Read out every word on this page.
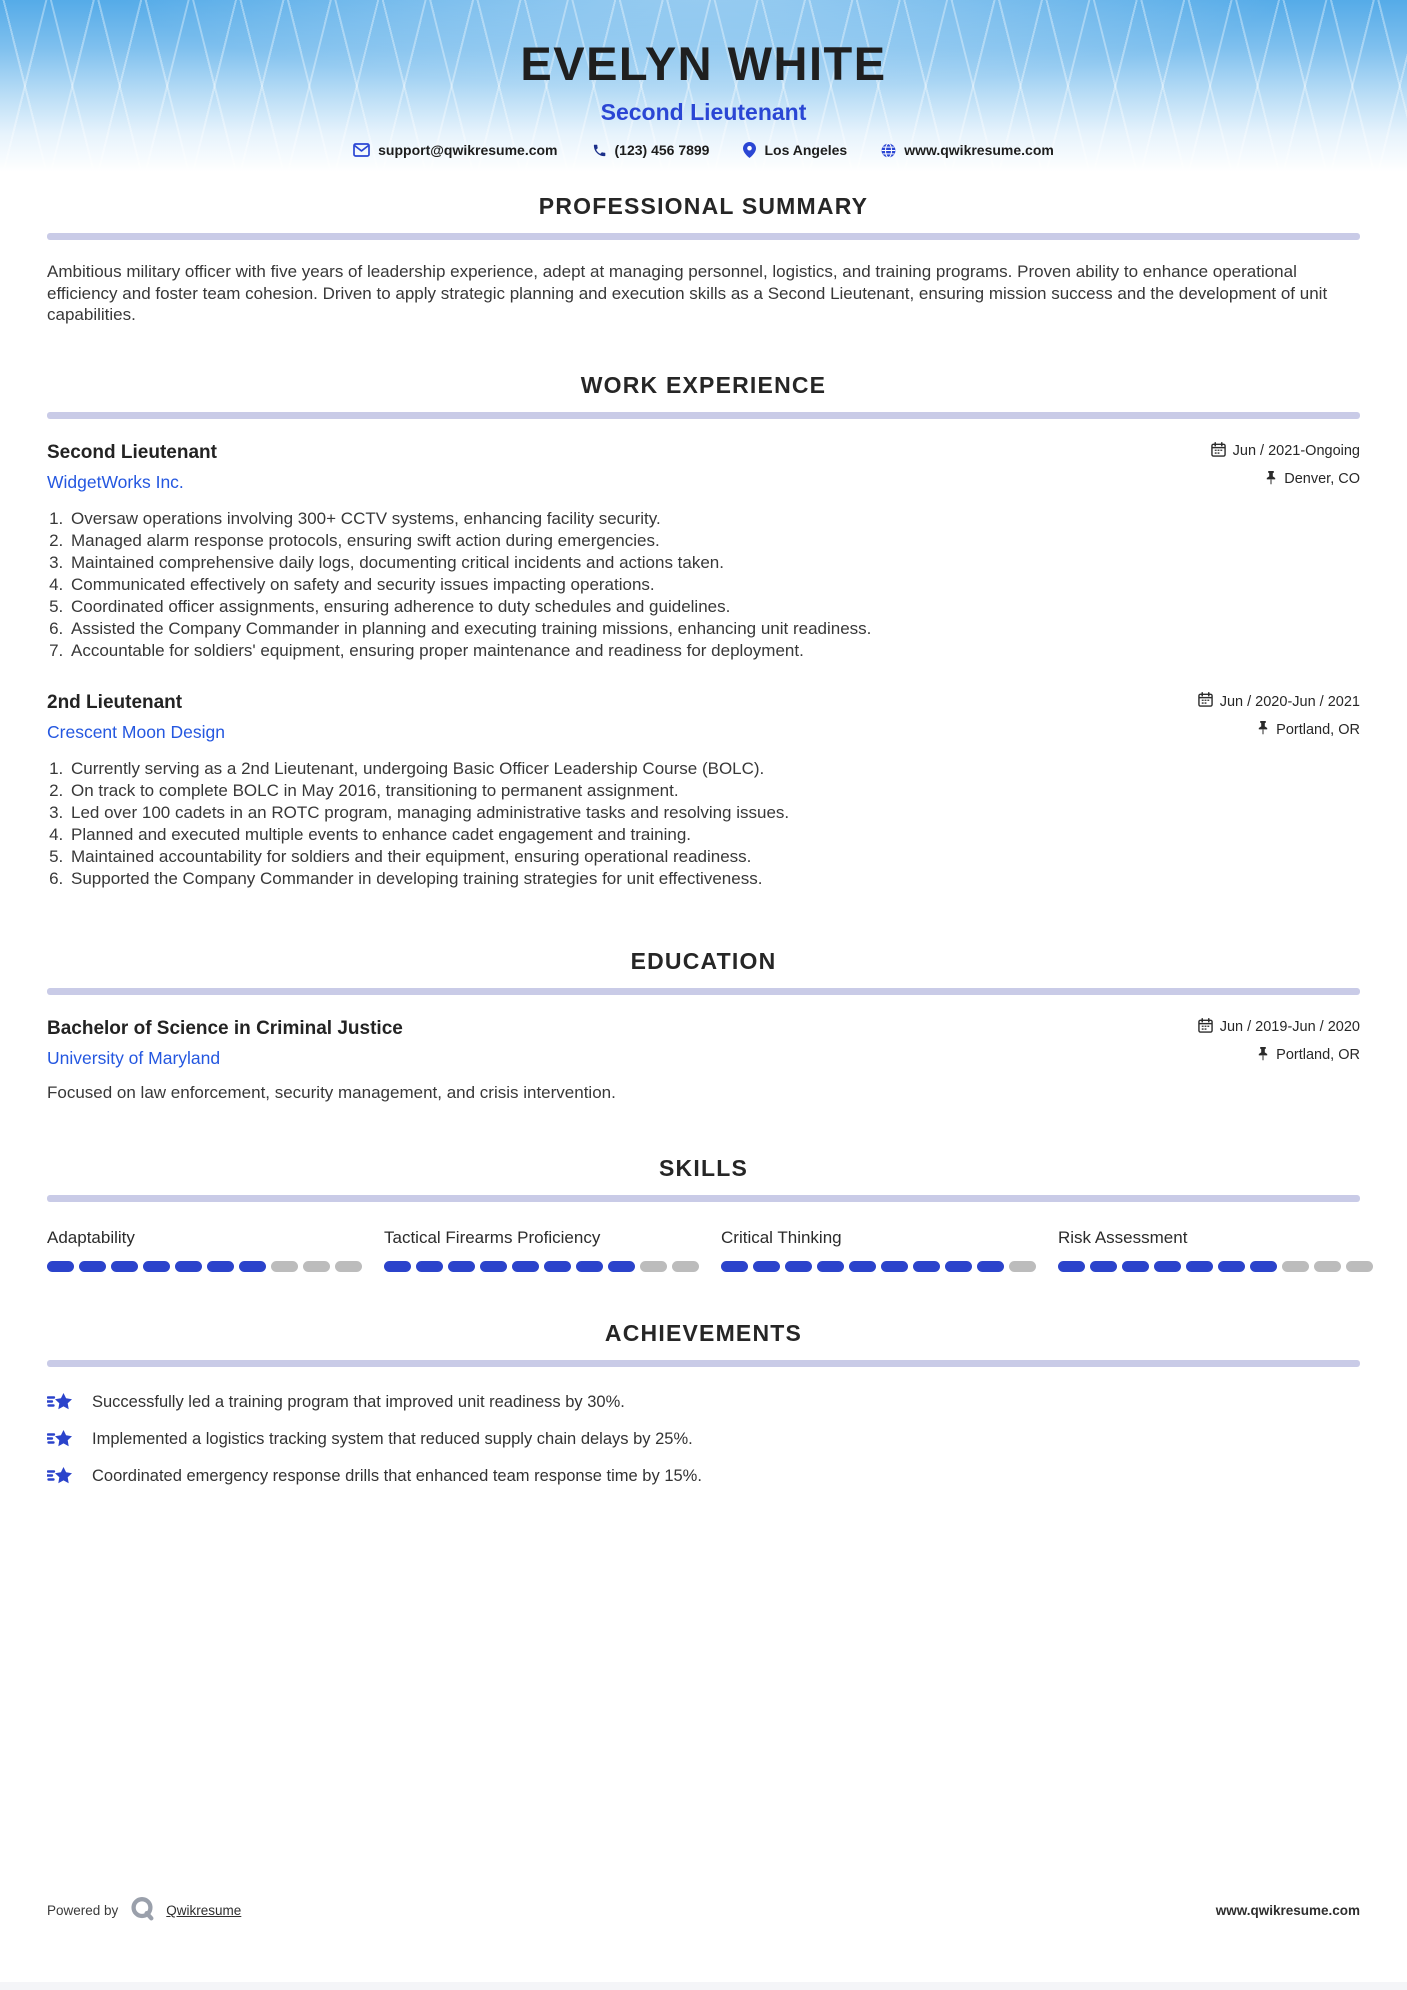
EVELYN WHITE
Second Lieutenant
support@qwikresume.com	(123) 456 7899	Los Angeles	www.qwikresume.com
PROFESSIONAL SUMMARY

Ambitious military officer with five years of leadership experience, adept at managing personnel, logistics, and training programs. Proven ability to enhance operational efficiency and foster team cohesion. Driven to apply strategic planning and execution skills as a Second Lieutenant, ensuring mission success and the development of unit capabilities.

WORK EXPERIENCE
Second Lieutenant
WidgetWorks Inc.
Jun / 2021-Ongoing
Denver, CO
1. Oversaw operations involving 300+ CCTV systems, enhancing facility security.
2. Managed alarm response protocols, ensuring swift action during emergencies.
3. Maintained comprehensive daily logs, documenting critical incidents and actions taken.
4. Communicated effectively on safety and security issues impacting operations.
5. Coordinated officer assignments, ensuring adherence to duty schedules and guidelines.
6. Assisted the Company Commander in planning and executing training missions, enhancing unit readiness.
7. Accountable for soldiers' equipment, ensuring proper maintenance and readiness for deployment.
2nd Lieutenant
Crescent Moon Design
Jun / 2020-Jun / 2021
Portland, OR
1. Currently serving as a 2nd Lieutenant, undergoing Basic Officer Leadership Course (BOLC).
2. On track to complete BOLC in May 2016, transitioning to permanent assignment.
3. Led over 100 cadets in an ROTC program, managing administrative tasks and resolving issues.
4. Planned and executed multiple events to enhance cadet engagement and training.
5. Maintained accountability for soldiers and their equipment, ensuring operational readiness.
6. Supported the Company Commander in developing training strategies for unit effectiveness.
EDUCATION
Bachelor of Science in Criminal Justice
University of Maryland
Jun / 2019-Jun / 2020
Portland, OR

Focused on law enforcement, security management, and crisis intervention.

SKILLS
Adaptability	Tactical Firearms Proficiency	Critical Thinking	Risk Assessment
ACHIEVEMENTS
Successfully led a training program that improved unit readiness by 30%.
Implemented a logistics tracking system that reduced supply chain delays by 25%.
Coordinated emergency response drills that enhanced team response time by 15%.
Powered by	Qwikresume	www.qwikresume.com
